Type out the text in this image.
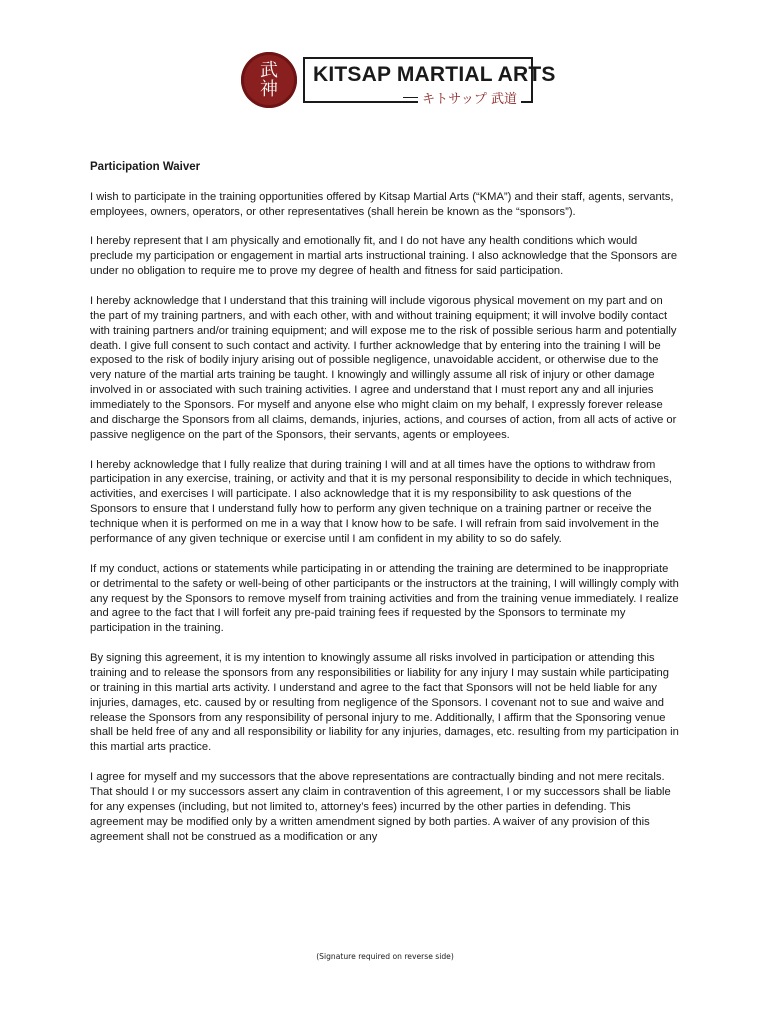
武
神
KITSAP MARTIAL ARTS
キトサップ 武道
Participation Waiver

I wish to participate in the training opportunities offered by Kitsap Martial Arts (“KMA”) and their staff, agents, servants, employees, owners, operators, or other representatives (shall herein be known as the “sponsors”).

I hereby represent that I am physically and emotionally fit, and I do not have any health conditions which would preclude my participation or engagement in martial arts instructional training. I also acknowledge that the Sponsors are under no obligation to require me to prove my degree of health and fitness for said participation.

I hereby acknowledge that I understand that this training will include vigorous physical movement on my part and on the part of my training partners, and with each other, with and without training equipment; it will involve bodily contact with training partners and/or training equipment; and will expose me to the risk of possible serious harm and potentially death. I give full consent to such contact and activity. I further acknowledge that by entering into the training I will be exposed to the risk of bodily injury arising out of possible negligence, unavoidable accident, or otherwise due to the very nature of the martial arts training be taught. I knowingly and willingly assume all risk of injury or other damage involved in or associated with such training activities. I agree and understand that I must report any and all injuries immediately to the Sponsors. For myself and anyone else who might claim on my behalf, I expressly forever release and discharge the Sponsors from all claims, demands, injuries, actions, and courses of action, from all acts of active or passive negligence on the part of the Sponsors, their servants, agents or employees.

I hereby acknowledge that I fully realize that during training I will and at all times have the options to withdraw from participation in any exercise, training, or activity and that it is my personal responsibility to decide in which techniques, activities, and exercises I will participate. I also acknowledge that it is my responsibility to ask questions of the Sponsors to ensure that I understand fully how to perform any given technique on a training partner or receive the technique when it is performed on me in a way that I know how to be safe. I will refrain from said involvement in the performance of any given technique or exercise until I am confident in my ability to so do safely.

If my conduct, actions or statements while participating in or attending the training are determined to be inappropriate or detrimental to the safety or well-being of other participants or the instructors at the training, I will willingly comply with any request by the Sponsors to remove myself from training activities and from the training venue immediately. I realize and agree to the fact that I will forfeit any pre-paid training fees if requested by the Sponsors to terminate my participation in the training.

By signing this agreement, it is my intention to knowingly assume all risks involved in participation or attending this training and to release the sponsors from any responsibilities or liability for any injury I may sustain while participating or training in this martial arts activity. I understand and agree to the fact that Sponsors will not be held liable for any injuries, damages, etc. caused by or resulting from negligence of the Sponsors. I covenant not to sue and waive and release the Sponsors from any responsibility of personal injury to me. Additionally, I affirm that the Sponsoring venue shall be held free of any and all responsibility or liability for any injuries, damages, etc. resulting from my participation in this martial arts practice.

I agree for myself and my successors that the above representations are contractually binding and not mere recitals. That should I or my successors assert any claim in contravention of this agreement, I or my successors shall be liable for any expenses (including, but not limited to, attorney’s fees) incurred by the other parties in defending. This agreement may be modified only by a written amendment signed by both parties. A waiver of any provision of this agreement shall not be construed as a modification or any

(Signature required on reverse side)
